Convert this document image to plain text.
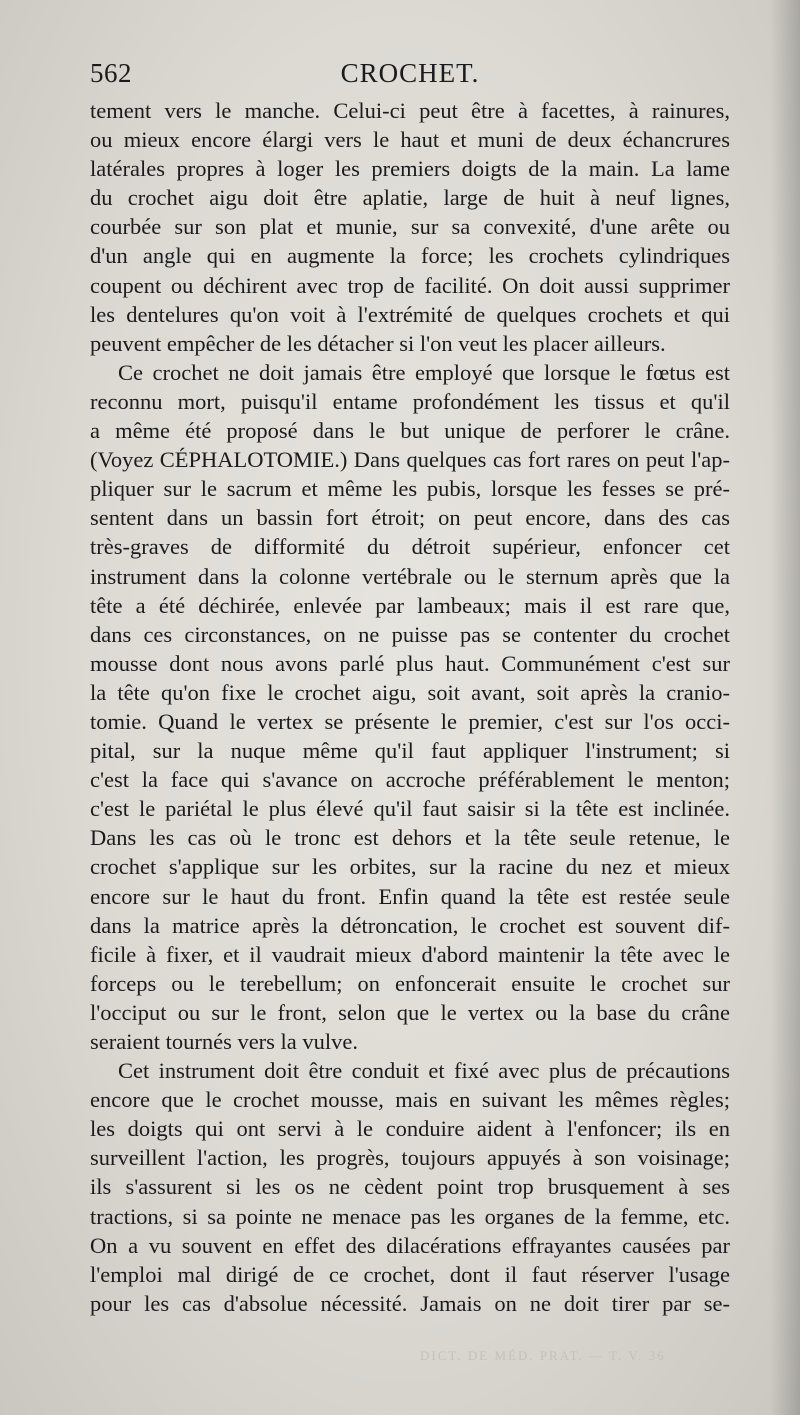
562	CROCHET.
tement vers le manche. Celui-ci peut être à facettes, à rainures,
ou mieux encore élargi vers le haut et muni de deux échancrures
latérales propres à loger les premiers doigts de la main. La lame
du crochet aigu doit être aplatie, large de huit à neuf lignes,
courbée sur son plat et munie, sur sa convexité, d'une arête ou
d'un angle qui en augmente la force; les crochets cylindriques
coupent ou déchirent avec trop de facilité. On doit aussi supprimer
les dentelures qu'on voit à l'extrémité de quelques crochets et qui
peuvent empêcher de les détacher si l'on veut les placer ailleurs.
Ce crochet ne doit jamais être employé que lorsque le fœtus est
reconnu mort, puisqu'il entame profondément les tissus et qu'il
a même été proposé dans le but unique de perforer le crâne.
(Voyez CÉPHALOTOMIE.) Dans quelques cas fort rares on peut l'ap-
pliquer sur le sacrum et même les pubis, lorsque les fesses se pré-
sentent dans un bassin fort étroit; on peut encore, dans des cas
très-graves de difformité du détroit supérieur, enfoncer cet
instrument dans la colonne vertébrale ou le sternum après que la
tête a été déchirée, enlevée par lambeaux; mais il est rare que,
dans ces circonstances, on ne puisse pas se contenter du crochet
mousse dont nous avons parlé plus haut. Communément c'est sur
la tête qu'on fixe le crochet aigu, soit avant, soit après la cranio-
tomie. Quand le vertex se présente le premier, c'est sur l'os occi-
pital, sur la nuque même qu'il faut appliquer l'instrument; si
c'est la face qui s'avance on accroche préférablement le menton;
c'est le pariétal le plus élevé qu'il faut saisir si la tête est inclinée.
Dans les cas où le tronc est dehors et la tête seule retenue, le
crochet s'applique sur les orbites, sur la racine du nez et mieux
encore sur le haut du front. Enfin quand la tête est restée seule
dans la matrice après la détroncation, le crochet est souvent dif-
ficile à fixer, et il vaudrait mieux d'abord maintenir la tête avec le
forceps ou le terebellum; on enfoncerait ensuite le crochet sur
l'occiput ou sur le front, selon que le vertex ou la base du crâne
seraient tournés vers la vulve.
Cet instrument doit être conduit et fixé avec plus de précautions
encore que le crochet mousse, mais en suivant les mêmes règles;
les doigts qui ont servi à le conduire aident à l'enfoncer; ils en
surveillent l'action, les progrès, toujours appuyés à son voisinage;
ils s'assurent si les os ne cèdent point trop brusquement à ses
tractions, si sa pointe ne menace pas les organes de la femme, etc.
On a vu souvent en effet des dilacérations effrayantes causées par
l'emploi mal dirigé de ce crochet, dont il faut réserver l'usage
pour les cas d'absolue nécessité. Jamais on ne doit tirer par se-
DICT. DE MÉD. PRAT. — T. V. 36
